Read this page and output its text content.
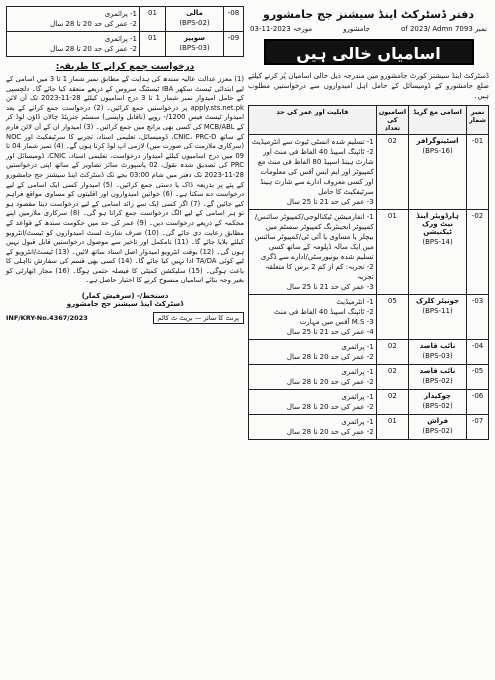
دفتر ڈسٹرکٹ اینڈ سیشنز جج جامشورو
نمبر 7093 of 2023/ Admn
جامشورو
مورخہ 03-11-2023
اسامیاں خالی ہیں
ڈسٹرکٹ اینڈ سیشنز کورٹ جامشورو میں مندرجہ ذیل خالی اسامیاں پُر کرنے کیلئے ضلع جامشورو کے ڈومیسائل کے حامل اہل امیدواروں سے درخواستیں مطلوب ہیں۔
نمبر شمار	اسامی مع گریڈ	اسامیوں کی تعداد	قابلیت اور عمر کی حد
01-	اسٹینوگرافر
(BPS-16)	02	1- تسلیم شدہ انسٹی ٹیوٹ سے انٹرمیڈیٹ
2- ٹائپنگ اسپیڈ 40 الفاظ فی منٹ اور شارٹ ہینڈ اسپیڈ 80 الفاظ فی منٹ مع کمپیوٹر اور ایم ایس آفس کی معلومات اور کسی معروف ادارے سے شارٹ ہینڈ سرٹیفکیٹ کا حامل
3- عمر کی حد 21 تا 25 سال

02-	ہارڈویئر اینڈ نیٹ ورک ٹیکنیشن
(BPS-14)	01	1- انفارمیشن ٹیکنالوجی/کمپیوٹر سائنس/کمپیوٹر انجینئرنگ کمپیوٹر سسٹم میں بیچلر یا مساوی یا آئی ٹی/کمپیوٹر سائنس میں ایک سالہ ڈپلومہ کے ساتھ کسی تسلیم شدہ یونیورسٹی/ادارے سے ڈگری
2- تجربہ: کم از کم 2 برس کا متعلقہ تجربہ
3- عمر کی حد 21 تا 25 سال

03-	جونیئر کلرک
(BPS-11)	05	1- انٹرمیڈیٹ
2- ٹائپنگ اسپیڈ 40 الفاظ فی منٹ
3- M.S آفس میں مہارت
4- عمر کی حد 21 تا 25 سال

04-	نائب قاصد
(BPS-03)	02	1- پرائمری
2- عمر کی حد 20 تا 28 سال

05-	نائب قاصد
(BPS-02)	02	1- پرائمری
2- عمر کی حد 20 تا 28 سال

06-	چوکیدار
(BPS-02)	02	1- پرائمری
2- عمر کی حد 20 تا 28 سال

07-	فراش
(BPS-02)	01	1- پرائمری
2- عمر کی حد 20 تا 28 سال
08-	مالی
(BPS-02)	01	1- پرائمری
2- عمر کی حد 20 تا 28 سال

09-	سویپر
(BPS-03)	01	1- پرائمری
2- عمر کی حد 20 تا 28 سال
درخواست جمع کرانے کا طریقہ:
(1) معزز عدالت عالیہ سندھ کی ہدایت کے مطابق نمبر شمار 1 تا 3 میں اسامی کے لیے ابتدائی ٹیسٹ سکھر IBA ٹیسٹنگ سروس کے ذریعے منعقد کیا جائے گا۔ دلچسپی کے حامل امیدوار نمبر شمار 1 تا 3 درج اسامیوں کیلئے 28-11-2023 تک آن لائن apply.sts.net.pk پر درخواستیں جمع کرائیں۔ (2) درخواست جمع کرانے کے بعد امیدوار ٹیسٹ فیس 1200/- روپے (ناقابل واپسی) سسٹم جنریٹڈ چالان ڈاؤن لوڈ کر کے MCB/ABL کی کسی بھی برانچ میں جمع کرائیں۔ (3) امیدوار ان کے آن لائن فارم کے ساتھ CNIC، PRC-D، ڈومیسائل، تعلیمی اسناد، تجربے کا سرٹیفکیٹ اور NOC (سرکاری ملازمت کی صورت میں) لازمی اپ لوڈ کرنا ہوں گے۔ (4) نمبر شمار 04 تا 09 میں درج اسامیوں کیلئے امیدوار درخواست، تعلیمی اسناد، CNIC، ڈومیسائل اور PRC کی تصدیق شدہ نقول، 02 پاسپورٹ سائز تصاویر کے ساتھ اپنی درخواستیں 28-11-2023 تک دفتر میں شام 03:00 بجے تک ڈسٹرکٹ اینڈ سیشنز جج جامشورو کے پتے پر بذریعہ ڈاک یا دستی جمع کرائیں۔ (5) امیدوار کسی ایک اسامی کے لیے درخواست دے سکتا ہے۔ (6) خواتین امیدواروں اور اقلیتوں کو مساوی مواقع فراہم کیے جائیں گے۔ (7) اگر کسی ایک سے زائد اسامی کے لیے درخواست دینا مقصود ہو تو ہر اسامی کے لیے الگ درخواست جمع کرانا ہو گی۔ (8) سرکاری ملازمین اپنے محکمہ کے ذریعے درخواست دیں۔ (9) عمر کی حد میں حکومت سندھ کے قواعد کے مطابق رعایت دی جائے گی۔ (10) صرف شارٹ لسٹ امیدواروں کو ٹیسٹ/انٹرویو کیلئے بلایا جائے گا۔ (11) نامکمل اور تاخیر سے موصول درخواستیں قابل قبول نہیں ہوں گی۔ (12) بوقت انٹرویو امیدوار اصل اسناد ساتھ لائیں۔ (13) ٹیسٹ/انٹرویو کے لیے کوئی TA/DA ادا نہیں کیا جائے گا۔ (14) کسی بھی قسم کی سفارش نااہلی کا باعث ہوگی۔ (15) سلیکشن کمیٹی کا فیصلہ حتمی ہوگا۔ (16) مجاز اتھارٹی کو بغیر وجہ بتائے اسامیاں منسوخ کرنے کا اختیار حاصل ہے۔
دستخط/- (سرفیش کمار)
ڈسٹرکٹ اینڈ سیشنز جج جامشورو
پرنٹ کا سائز — بریٹ ٹ کالم
INF/KRY-No.4367/2023
